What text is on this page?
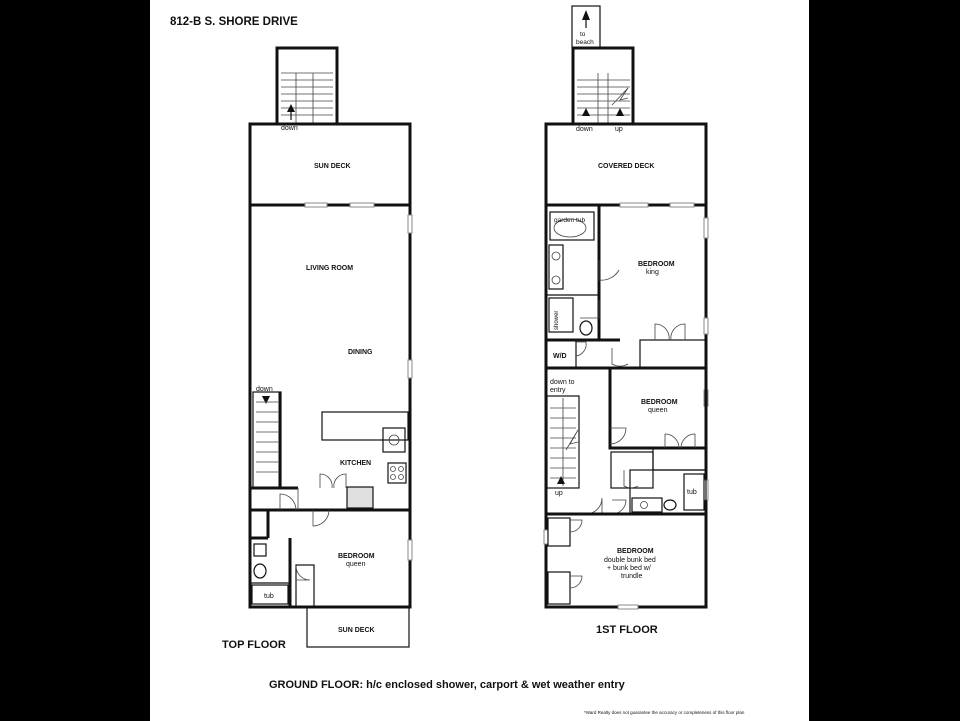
812-B S. SHORE DRIVE
down
SUN DECK
LIVING ROOM
DINING
down
KITCHEN
tub
BEDROOM
queen
SUN DECK
TOP FLOOR
to
beach
down	up
COVERED DECK
garden tub
shower
BEDROOM
king
W/D
BEDROOM
queen
down to
entry
up	tub
BEDROOM
double bunk bed
+ bunk bed w/
trundle
1ST FLOOR
GROUND FLOOR: h/c enclosed shower, carport & wet weather entry
*Ward Realty does not guarantee the accuracy or completeness of this floor plan
